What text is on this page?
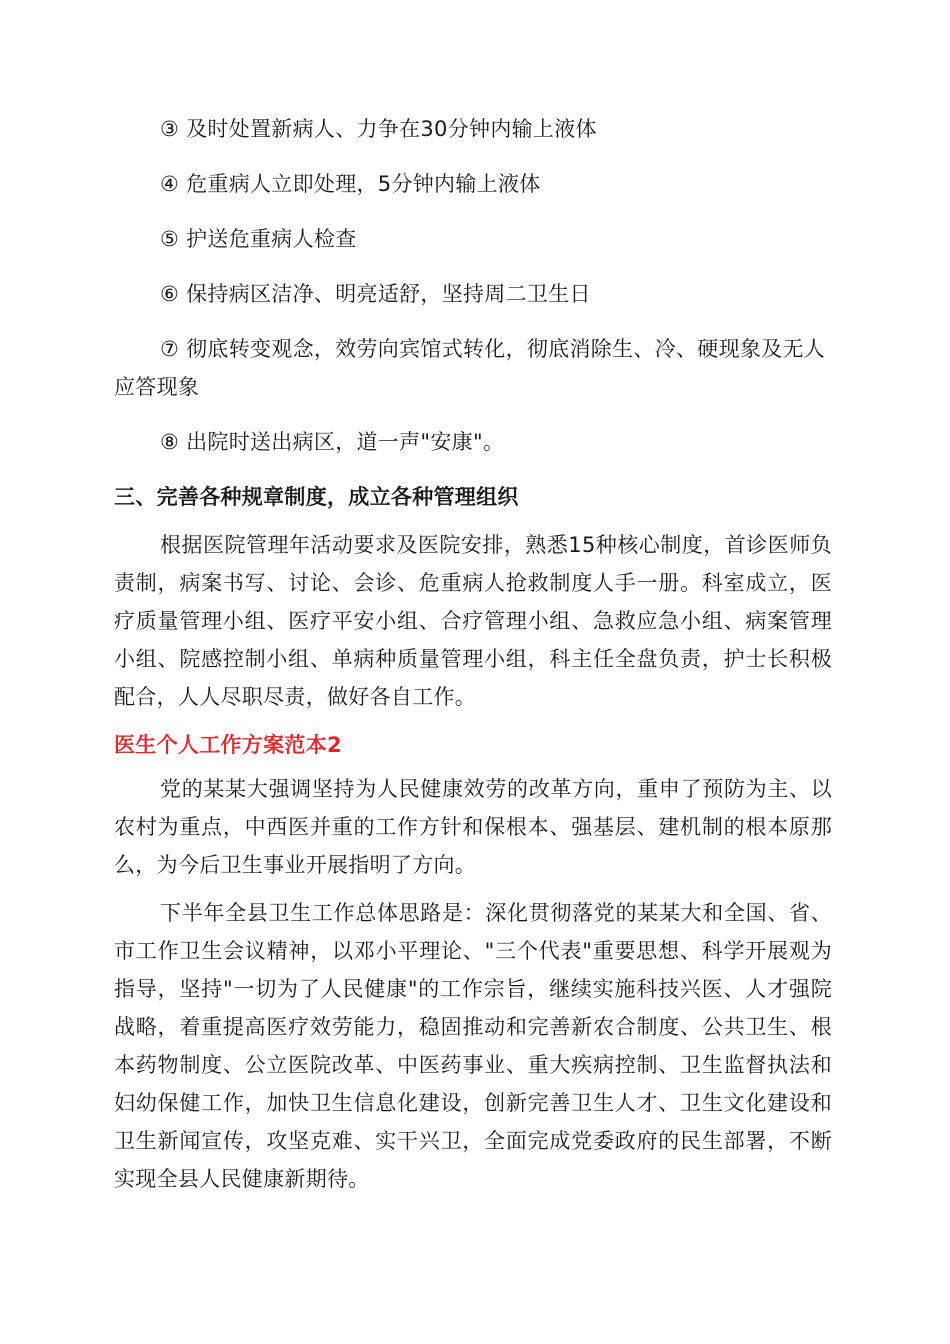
③ 及时处置新病人、力争在30分钟内输上液体

④ 危重病人立即处理，5分钟内输上液体

⑤ 护送危重病人检查

⑥ 保持病区洁净、明亮适舒，坚持周二卫生日

⑦ 彻底转变观念，效劳向宾馆式转化，彻底消除生、冷、硬现象及无人应答现象

⑧ 出院时送出病区，道一声"安康"。

三、完善各种规章制度，成立各种管理组织

根据医院管理年活动要求及医院安排，熟悉15种核心制度，首诊医师负责制，病案书写、讨论、会诊、危重病人抢救制度人手一册。科室成立，医疗质量管理小组、医疗平安小组、合疗管理小组、急救应急小组、病案管理小组、院感控制小组、单病种质量管理小组，科主任全盘负责，护士长积极配合，人人尽职尽责，做好各自工作。

医生个人工作方案范本2

党的某某大强调坚持为人民健康效劳的改革方向，重申了预防为主、以农村为重点，中西医并重的工作方针和保根本、强基层、建机制的根本原那么，为今后卫生事业开展指明了方向。

下半年全县卫生工作总体思路是：深化贯彻落党的某某大和全国、省、市工作卫生会议精神，以邓小平理论、"三个代表"重要思想、科学开展观为指导，坚持"一切为了人民健康"的工作宗旨，继续实施科技兴医、人才强院战略，着重提高医疗效劳能力，稳固推动和完善新农合制度、公共卫生、根本药物制度、公立医院改革、中医药事业、重大疾病控制、卫生监督执法和妇幼保健工作，加快卫生信息化建设，创新完善卫生人才、卫生文化建设和卫生新闻宣传，攻坚克难、实干兴卫，全面完成党委政府的民生部署，不断实现全县人民健康新期待。
